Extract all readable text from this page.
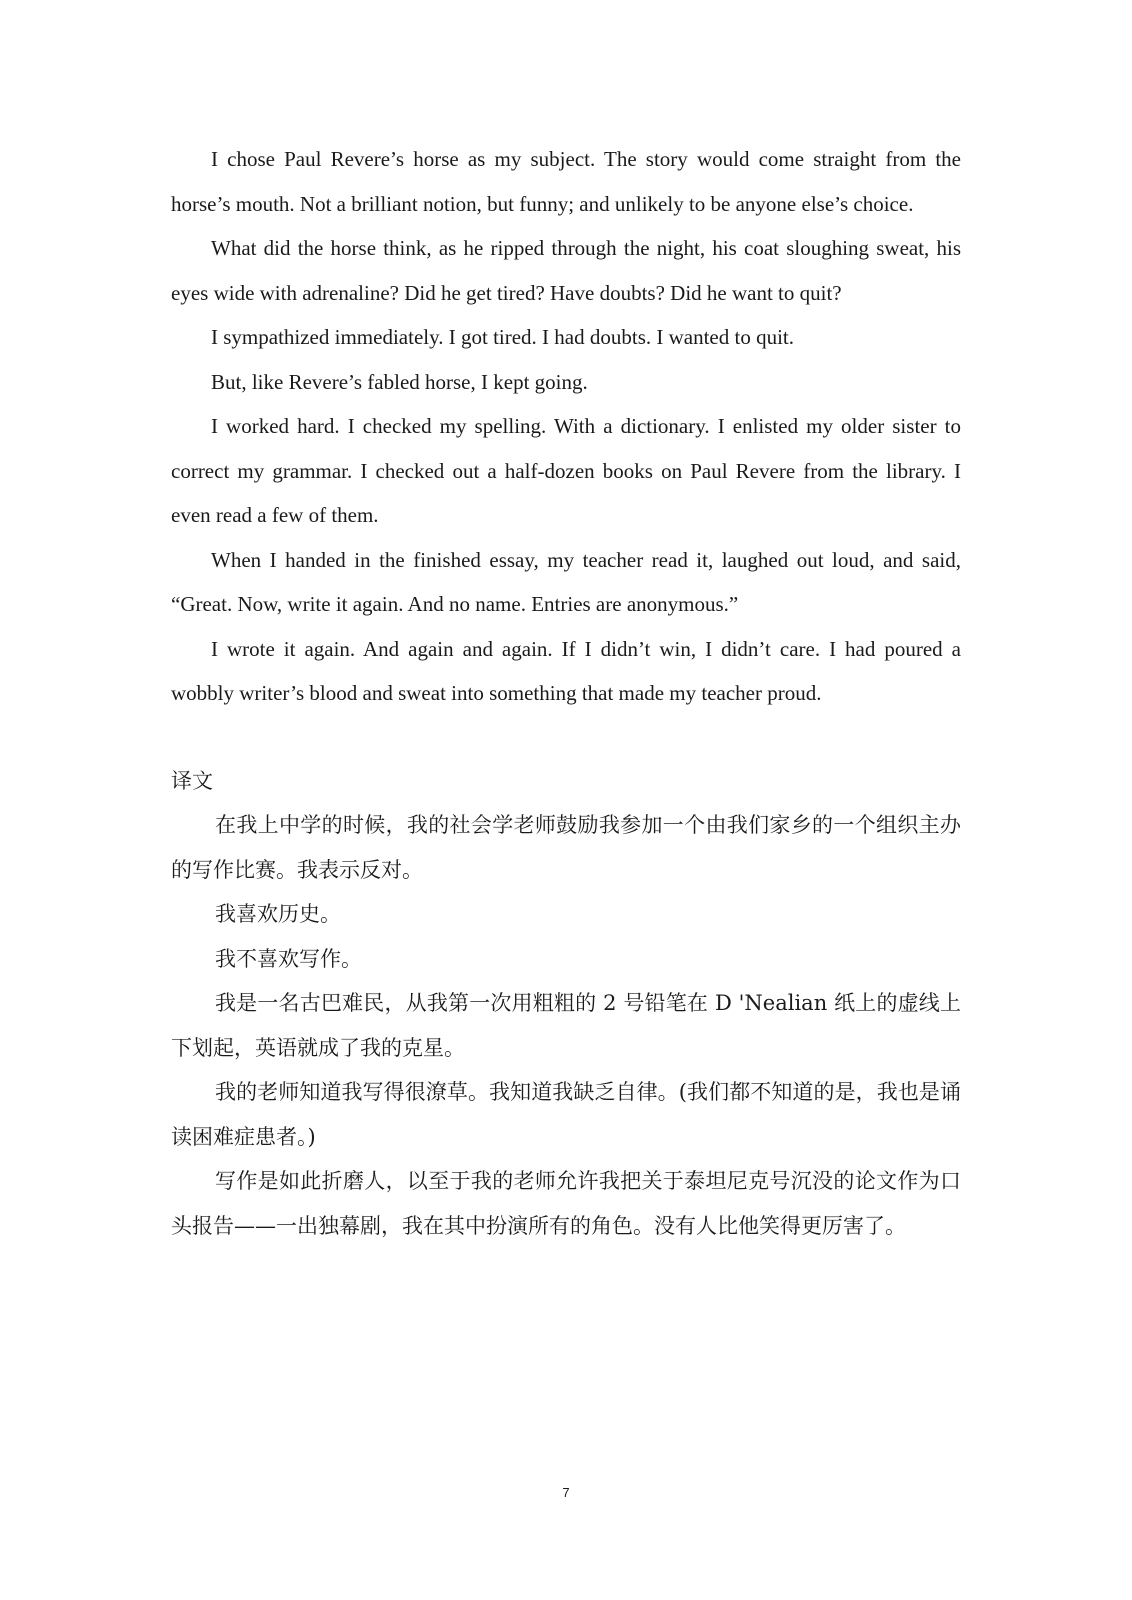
I chose Paul Revere’s horse as my subject. The story would come straight from the horse’s mouth. Not a brilliant notion, but funny; and unlikely to be anyone else’s choice.

What did the horse think, as he ripped through the night, his coat sloughing sweat, his eyes wide with adrenaline? Did he get tired? Have doubts? Did he want to quit?

I sympathized immediately. I got tired. I had doubts. I wanted to quit.

But, like Revere’s fabled horse, I kept going.

I worked hard. I checked my spelling. With a dictionary. I enlisted my older sister to correct my grammar. I checked out a half-dozen books on Paul Revere from the library. I even read a few of them.

When I handed in the finished essay, my teacher read it, laughed out loud, and said, “Great. Now, write it again. And no name. Entries are anonymous.”

I wrote it again. And again and again. If I didn’t win, I didn’t care. I had poured a wobbly writer’s blood and sweat into something that made my teacher proud.

译文

在我上中学的时候，我的社会学老师鼓励我参加一个由我们家乡的一个组织主办的写作比赛。我表示反对。

我喜欢历史。

我不喜欢写作。

我是一名古巴难民，从我第一次用粗粗的 2 号铅笔在 D 'Nealian 纸上的虚线上下划起，英语就成了我的克星。

我的老师知道我写得很潦草。我知道我缺乏自律。(我们都不知道的是，我也是诵读困难症患者。)

写作是如此折磨人，以至于我的老师允许我把关于泰坦尼克号沉没的论文作为口头报告——一出独幕剧，我在其中扮演所有的角色。没有人比他笑得更厉害了。

7
